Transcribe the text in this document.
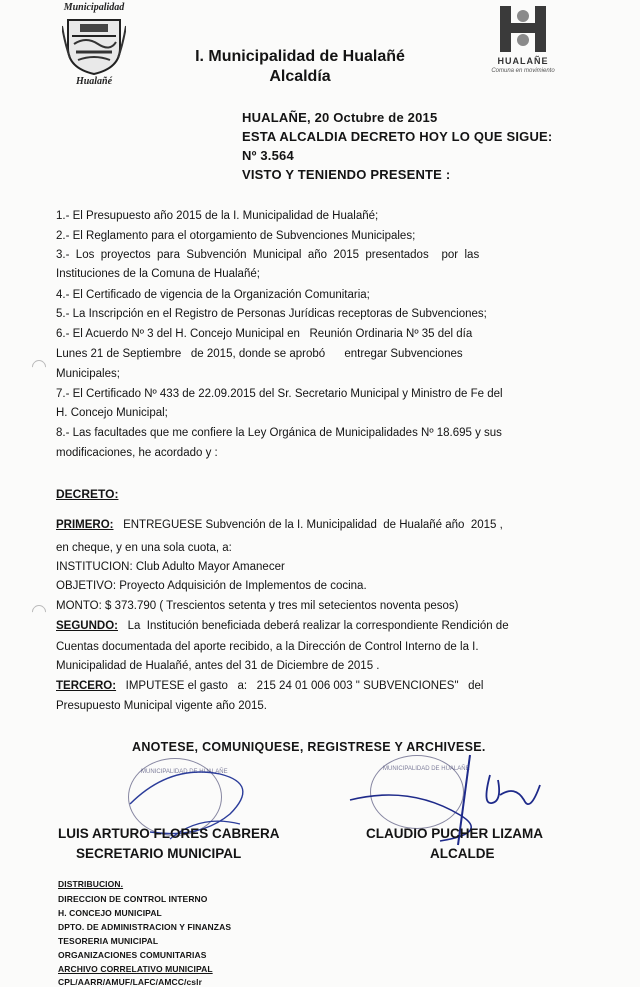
Municipalidad
Hualañé
HUALAÑE
Comuna en movimiento
I. Municipalidad de Hualañé
Alcaldía
HUALAÑE, 20 Octubre de 2015
ESTA ALCALDIA DECRETO HOY LO QUE SIGUE:
Nº 3.564
VISTO Y TENIENDO PRESENTE :
1.- El Presupuesto año 2015 de la I. Municipalidad de Hualañé;
2.- El Reglamento para el otorgamiento de Subvenciones Municipales;
3.-  Los  proyectos  para  Subvención  Municipal  año  2015  presentados    por  las
Instituciones de la Comuna de Hualañé;
4.- El Certificado de vigencia de la Organización Comunitaria;
5.- La Inscripción en el Registro de Personas Jurídicas receptoras de Subvenciones;
6.- El Acuerdo Nº 3 del H. Concejo Municipal en   Reunión Ordinaria Nº 35 del día
Lunes 21 de Septiembre   de 2015, donde se aprobó      entregar Subvenciones
Municipales;
7.- El Certificado Nº 433 de 22.09.2015 del Sr. Secretario Municipal y Ministro de Fe del
H. Concejo Municipal;
8.- Las facultades que me confiere la Ley Orgánica de Municipalidades Nº 18.695 y sus
modificaciones, he acordado y :
DECRETO:
PRIMERO:   ENTREGUESE Subvención de la I. Municipalidad  de Hualañé año  2015 ,
en cheque, y en una sola cuota, a:
INSTITUCION: Club Adulto Mayor Amanecer
OBJETIVO: Proyecto Adquisición de Implementos de cocina.
MONTO: $ 373.790 ( Trescientos setenta y tres mil setecientos noventa pesos)
SEGUNDO:   La  Institución beneficiada deberá realizar la correspondiente Rendición de
Cuentas documentada del aporte recibido, a la Dirección de Control Interno de la I.
Municipalidad de Hualañé, antes del 31 de Diciembre de 2015 .
TERCERO:   IMPUTESE el gasto   a:   215 24 01 006 003 " SUBVENCIONES"   del
Presupuesto Municipal vigente año 2015.
ANOTESE, COMUNIQUESE, REGISTRESE Y ARCHIVESE.
MUNICIPALIDAD DE HUALAÑE	MUNICIPALIDAD DE HUALAÑE
LUIS ARTURO FLORES CABRERA
SECRETARIO MUNICIPAL
CLAUDIO PUCHER LIZAMA
ALCALDE
DISTRIBUCION.
DIRECCION DE CONTROL INTERNO
H. CONCEJO MUNICIPAL
DPTO. DE ADMINISTRACION Y FINANZAS
TESORERIA MUNICIPAL
ORGANIZACIONES COMUNITARIAS
ARCHIVO CORRELATIVO MUNICIPAL
CPL/AARR/AMUF/LAFC/AMCC/cslr
